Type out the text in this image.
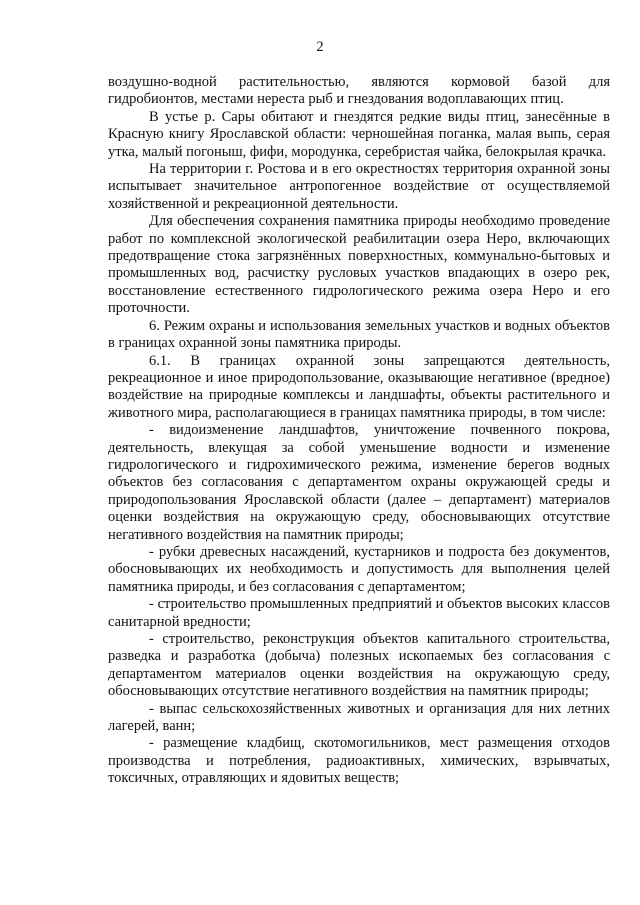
2

воздушно-водной растительностью, являются кормовой базой для гидробионтов, местами нереста рыб и гнездования водоплавающих птиц.

В устье р. Сары обитают и гнездятся редкие виды птиц, занесённые в Красную книгу Ярославской области: черношейная поганка, малая выпь, серая утка, малый погоныш, фифи, мородунка, серебристая чайка, белокрылая крачка.

На территории г. Ростова и в его окрестностях территория охранной зоны испытывает значительное антропогенное воздействие от осуществляемой хозяйственной и рекреационной деятельности.

Для обеспечения сохранения памятника природы необходимо проведение работ по комплексной экологической реабилитации озера Неро, включающих предотвращение стока загрязнённых поверхностных, коммунально-бытовых и промышленных вод, расчистку русловых участков впадающих в озеро рек, восстановление естественного гидрологического режима озера Неро и его проточности.

6. Режим охраны и использования земельных участков и водных объектов в границах охранной зоны памятника природы.

6.1. В границах охранной зоны запрещаются деятельность, рекреационное и иное природопользование, оказывающие негативное (вредное) воздействие на природные комплексы и ландшафты, объекты растительного и животного мира, располагающиеся в границах памятника природы, в том числе:

- видоизменение ландшафтов, уничтожение почвенного покрова, деятельность, влекущая за собой уменьшение водности и изменение гидрологического и гидрохимического режима, изменение берегов водных объектов без согласования с департаментом охраны окружающей среды и природопользования Ярославской области (далее – департамент) материалов оценки воздействия на окружающую среду, обосновывающих отсутствие негативного воздействия на памятник природы;

- рубки древесных насаждений, кустарников и подроста без документов, обосновывающих их необходимость и допустимость для выполнения целей памятника природы, и без согласования с департаментом;

- строительство промышленных предприятий и объектов высоких классов санитарной вредности;

- строительство, реконструкция объектов капитального строительства, разведка и разработка (добыча) полезных ископаемых без согласования с департаментом материалов оценки воздействия на окружающую среду, обосновывающих отсутствие негативного воздействия на памятник природы;

- выпас сельскохозяйственных животных и организация для них летних лагерей, ванн;

- размещение кладбищ, скотомогильников, мест размещения отходов производства и потребления, радиоактивных, химических, взрывчатых, токсичных, отравляющих и ядовитых веществ;
